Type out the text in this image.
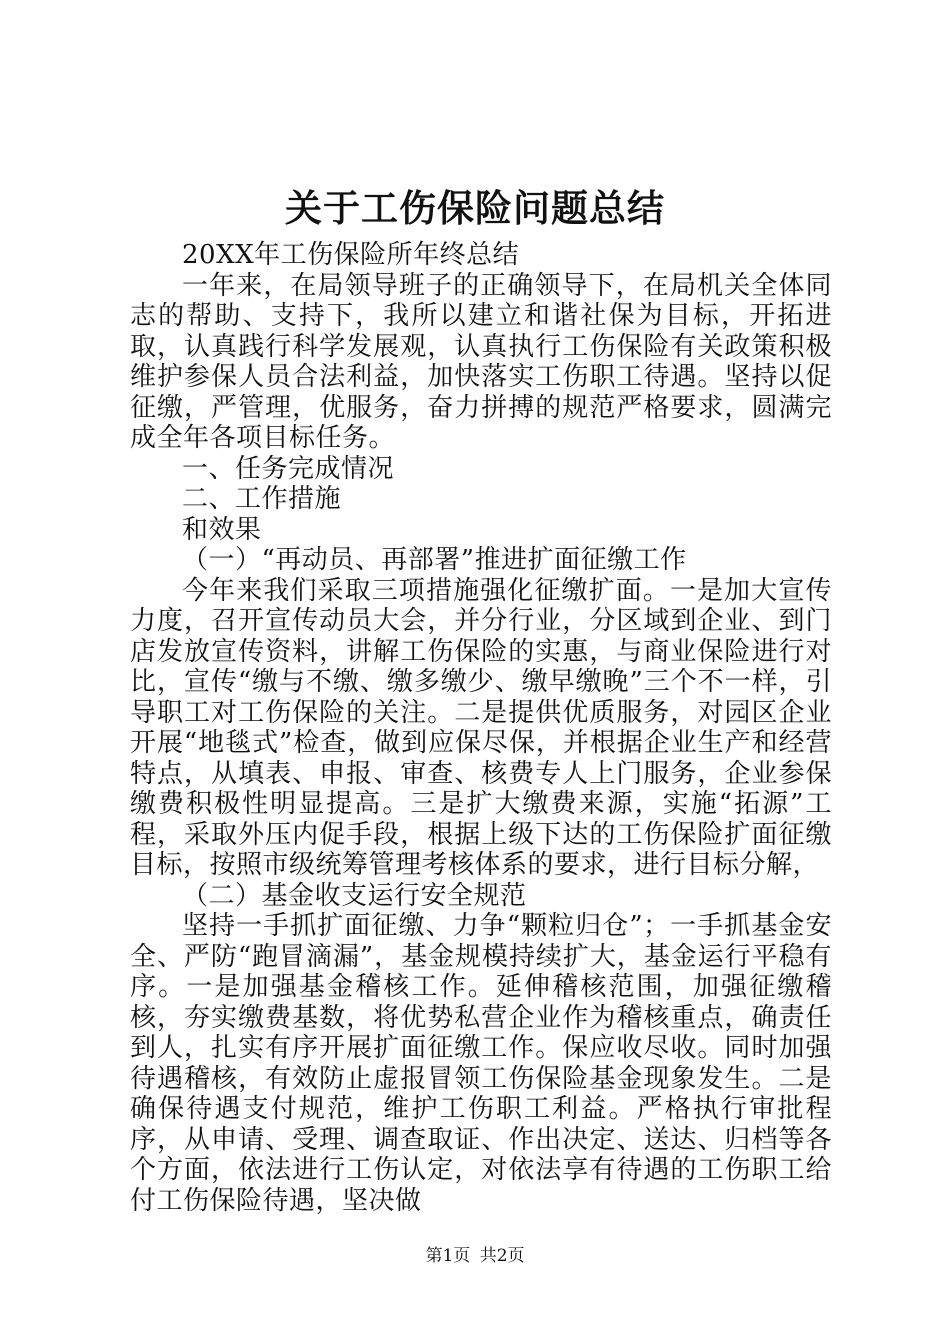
关于工伤保险问题总结

20XX年工伤保险所年终总结

一年来，在局领导班子的正确领导下，在局机关全体同志的帮助、支持下，我所以建立和谐社保为目标，开拓进取，认真践行科学发展观，认真执行工伤保险有关政策积极维护参保人员合法利益，加快落实工伤职工待遇。坚持以促征缴，严管理，优服务，奋力拼搏的规范严格要求，圆满完成全年各项目标任务。

一、任务完成情况

二、工作措施

和效果

（一）“再动员、再部署”推进扩面征缴工作

今年来我们采取三项措施强化征缴扩面。一是加大宣传力度，召开宣传动员大会，并分行业，分区域到企业、到门店发放宣传资料，讲解工伤保险的实惠，与商业保险进行对比，宣传“缴与不缴、缴多缴少、缴早缴晚”三个不一样，引导职工对工伤保险的关注。二是提供优质服务，对园区企业开展“地毯式”检查，做到应保尽保，并根据企业生产和经营特点，从填表、申报、审查、核费专人上门服务，企业参保缴费积极性明显提高。三是扩大缴费来源，实施“拓源”工程，采取外压内促手段，根据上级下达的工伤保险扩面征缴目标，按照市级统筹管理考核体系的要求，进行目标分解，

（二）基金收支运行安全规范

坚持一手抓扩面征缴、力争“颗粒归仓”；一手抓基金安全、严防“跑冒滴漏”，基金规模持续扩大，基金运行平稳有序。一是加强基金稽核工作。延伸稽核范围，加强征缴稽核，夯实缴费基数，将优势私营企业作为稽核重点，确责任到人，扎实有序开展扩面征缴工作。保应收尽收。同时加强待遇稽核，有效防止虚报冒领工伤保险基金现象发生。二是确保待遇支付规范，维护工伤职工利益。严格执行审批程序，从申请、受理、调查取证、作出决定、送达、归档等各个方面，依法进行工伤认定，对依法享有待遇的工伤职工给付工伤保险待遇，坚决做

第1页 共2页
